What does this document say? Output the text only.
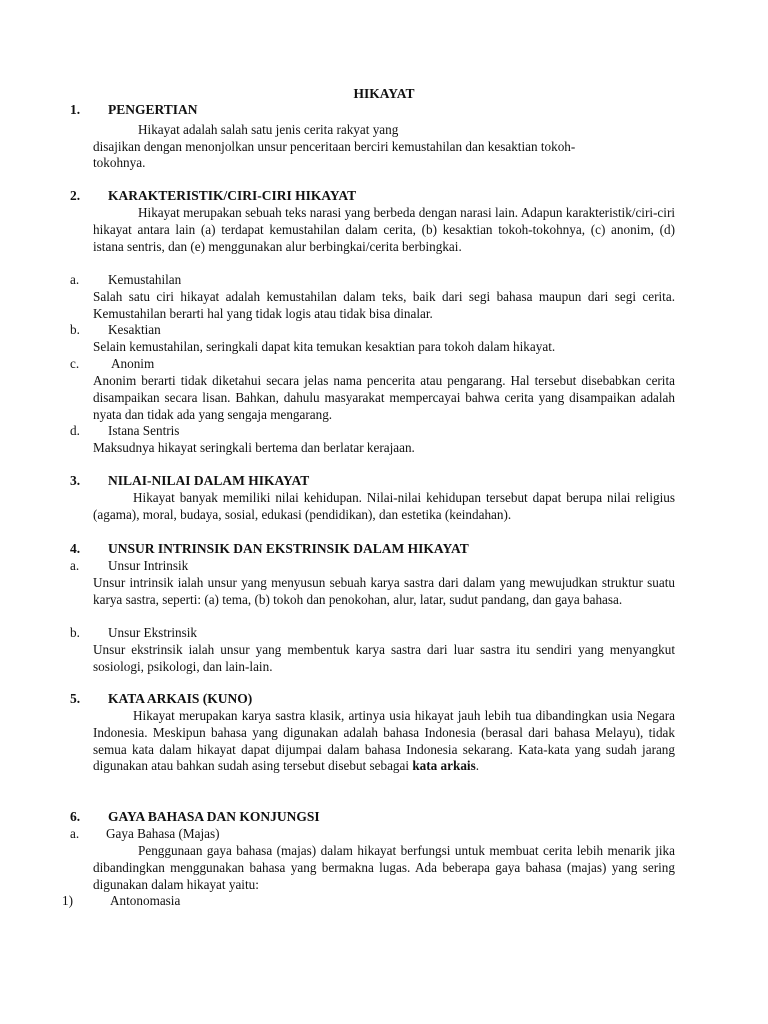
HIKAYAT
1. PENGERTIAN
Hikayat adalah salah satu jenis cerita rakyat yang
disajikan dengan menonjolkan unsur penceritaan berciri kemustahilan dan kesaktian tokoh-
tokohnya.
2. KARAKTERISTIK/CIRI-CIRI HIKAYAT
Hikayat merupakan sebuah teks narasi yang berbeda dengan narasi lain. Adapun karakteristik/ciri-ciri hikayat antara lain (a) terdapat kemustahilan dalam cerita, (b) kesaktian tokoh-tokohnya, (c) anonim, (d) istana sentris, dan (e) menggunakan alur berbingkai/cerita berbingkai.
a. Kemustahilan
Salah satu ciri hikayat adalah kemustahilan dalam teks, baik dari segi bahasa maupun dari segi cerita. Kemustahilan berarti hal yang tidak logis atau tidak bisa dinalar.
b. Kesaktian
Selain kemustahilan, seringkali dapat kita temukan kesaktian para tokoh dalam hikayat.
c. Anonim
Anonim berarti tidak diketahui secara jelas nama pencerita atau pengarang. Hal tersebut disebabkan cerita disampaikan secara lisan. Bahkan, dahulu masyarakat mempercayai bahwa cerita yang disampaikan adalah nyata dan tidak ada yang sengaja mengarang.
d. Istana Sentris
Maksudnya hikayat seringkali bertema dan berlatar kerajaan.
3. NILAI-NILAI DALAM HIKAYAT
Hikayat banyak memiliki nilai kehidupan. Nilai-nilai kehidupan tersebut dapat berupa nilai religius (agama), moral, budaya, sosial, edukasi (pendidikan), dan estetika (keindahan).
4. UNSUR INTRINSIK DAN EKSTRINSIK DALAM HIKAYAT
a. Unsur Intrinsik
Unsur intrinsik ialah unsur yang menyusun sebuah karya sastra dari dalam yang mewujudkan struktur suatu karya sastra, seperti: (a) tema, (b) tokoh dan penokohan, alur, latar, sudut pandang, dan gaya bahasa.
b. Unsur Ekstrinsik
Unsur ekstrinsik ialah unsur yang membentuk karya sastra dari luar sastra itu sendiri yang menyangkut sosiologi, psikologi, dan lain-lain.
5. KATA ARKAIS (KUNO)
Hikayat merupakan karya sastra klasik, artinya usia hikayat jauh lebih tua dibandingkan usia Negara Indonesia. Meskipun bahasa yang digunakan adalah bahasa Indonesia (berasal dari bahasa Melayu), tidak semua kata dalam hikayat dapat dijumpai dalam bahasa Indonesia sekarang. Kata-kata yang sudah jarang digunakan atau bahkan sudah asing tersebut disebut sebagai kata arkais.
6. GAYA BAHASA DAN KONJUNGSI
a. Gaya Bahasa (Majas)
Penggunaan gaya bahasa (majas) dalam hikayat berfungsi untuk membuat cerita lebih menarik jika dibandingkan menggunakan bahasa yang bermakna lugas. Ada beberapa gaya bahasa (majas) yang sering digunakan dalam hikayat yaitu:
1)	Antonomasia
